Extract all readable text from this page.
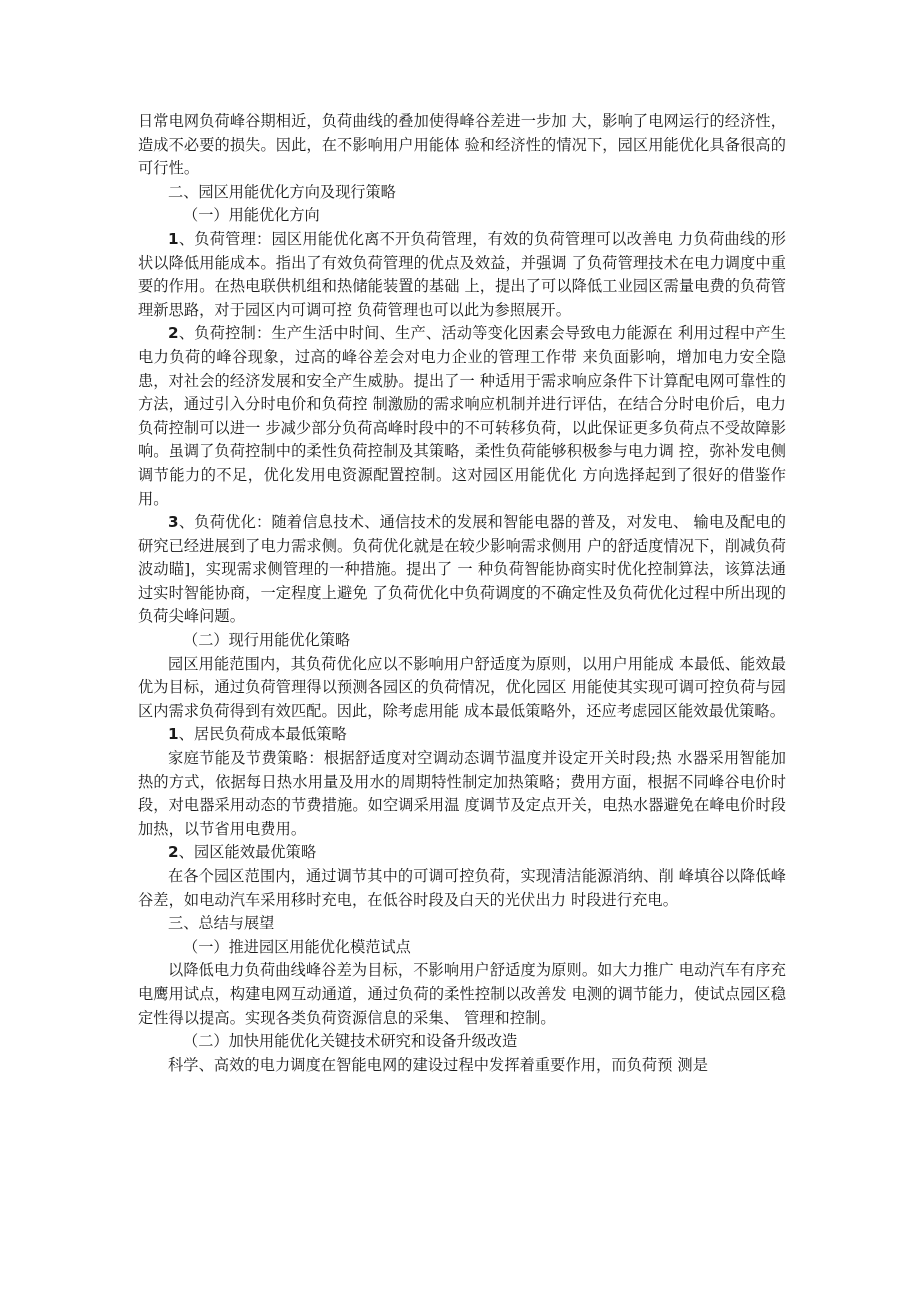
日常电网负荷峰谷期相近，负荷曲线的叠加使得峰谷差进一步加 大，影响了电网运行的经济性，造成不必要的损失。因此，在不影响用户用能体 验和经济性的情况下，园区用能优化具备很高的可行性。

二、园区用能优化方向及现行策略

（一）用能优化方向

1、负荷管理：园区用能优化离不开负荷管理，有效的负荷管理可以改善电 力负荷曲线的形状以降低用能成本。指出了有效负荷管理的优点及效益，并强调 了负荷管理技术在电力调度中重要的作用。在热电联供机组和热储能装置的基础 上，提出了可以降低工业园区需量电费的负荷管理新思路，对于园区内可调可控 负荷管理也可以此为参照展开。

2、负荷控制：生产生活中时间、生产、活动等变化因素会导致电力能源在 利用过程中产生电力负荷的峰谷现象，过高的峰谷差会对电力企业的管理工作带 来负面影响，增加电力安全隐患，对社会的经济发展和安全产生威胁。提出了一 种适用于需求响应条件下计算配电网可靠性的方法，通过引入分时电价和负荷控 制激励的需求响应机制并进行评估，在结合分时电价后，电力负荷控制可以进一 步减少部分负荷高峰时段中的不可转移负荷，以此保证更多负荷点不受故障影 响。虽调了负荷控制中的柔性负荷控制及其策略，柔性负荷能够积极参与电力调 控，弥补发电侧调节能力的不足，优化发用电资源配置控制。这对园区用能优化 方向选择起到了很好的借鉴作用。

3、负荷优化：随着信息技术、通信技术的发展和智能电器的普及，对发电、 输电及配电的研究已经进展到了电力需求侧。负荷优化就是在较少影响需求侧用 户的舒适度情况下，削减负荷波动瞄]，实现需求侧管理的一种措施。提出了 一 种负荷智能协商实时优化控制算法，该算法通过实时智能协商，一定程度上避免 了负荷优化中负荷调度的不确定性及负荷优化过程中所出现的负荷尖峰问题。

（二）现行用能优化策略

园区用能范围内，其负荷优化应以不影响用户舒适度为原则，以用户用能成 本最低、能效最优为目标，通过负荷管理得以预测各园区的负荷情况，优化园区 用能使其实现可调可控负荷与园区内需求负荷得到有效匹配。因此，除考虑用能 成本最低策略外，还应考虑园区能效最优策略。

1、居民负荷成本最低策略

家庭节能及节费策略：根据舒适度对空调动态调节温度并设定开关时段;热 水器采用智能加热的方式，依据每日热水用量及用水的周期特性制定加热策略；费用方面，根据不同峰谷电价时段，对电器采用动态的节费措施。如空调采用温 度调节及定点开关，电热水器避免在峰电价时段加热，以节省用电费用。

2、园区能效最优策略

在各个园区范围内，通过调节其中的可调可控负荷，实现清洁能源消纳、削 峰填谷以降低峰谷差，如电动汽车采用移时充电，在低谷时段及白天的光伏出力 时段进行充电。

三、总结与展望

（一）推进园区用能优化模范试点

以降低电力负荷曲线峰谷差为目标，不影响用户舒适度为原则。如大力推广 电动汽车有序充电鹰用试点，构建电网互动通道，通过负荷的柔性控制以改善发 电测的调节能力，使试点园区稳定性得以提高。实现各类负荷资源信息的采集、 管理和控制。

（二）加快用能优化关键技术研究和设备升级改造

科学、高效的电力调度在智能电网的建设过程中发挥着重要作用，而负荷预 测是
